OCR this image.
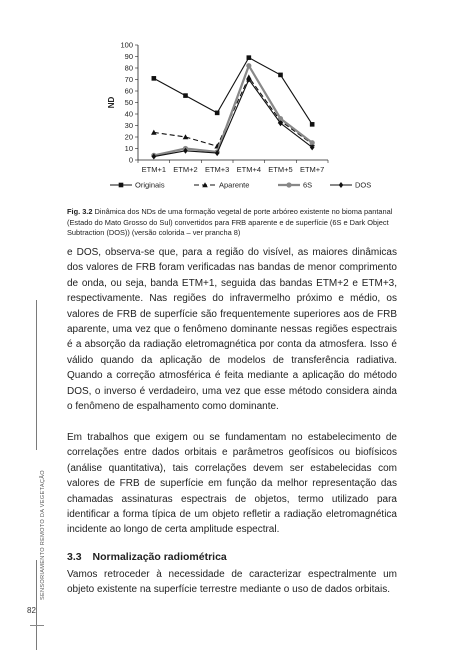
SENSORIAMENTO REMOTO DA VEGETAÇÃO
82
0
10
20
30
40
50
60
70
80
90
100
ND
ETM+1 ETM+2 ETM+3 ETM+4 ETM+5 ETM+7
Originais	Aparente	6S	DOS
Fig. 3.2 Dinâmica dos NDs de uma formação vegetal de porte arbóreo existente no bioma pantanal (Estado do Mato Grosso do Sul) convertidos para FRB aparente e de superfície (6S e Dark Object Subtraction (DOS)) (versão colorida – ver prancha 8)

e DOS, observa-se que, para a região do visível, as maiores dinâmicas dos valores de FRB foram verificadas nas bandas de menor comprimento de onda, ou seja, banda ETM+1, seguida das bandas ETM+2 e ETM+3, respectivamente. Nas regiões do infravermelho próximo e médio, os valores de FRB de superfície são frequentemente superiores aos de FRB aparente, uma vez que o fenômeno dominante nessas regiões espectrais é a absorção da radiação eletromagnética por conta da atmosfera. Isso é válido quando da aplicação de modelos de transferência radiativa. Quando a correção atmosférica é feita mediante a aplicação do método DOS, o inverso é verdadeiro, uma vez que esse método considera ainda o fenômeno de espalhamento como dominante.

Em trabalhos que exigem ou se fundamentam no estabelecimento de correlações entre dados orbitais e parâmetros geofísicos ou biofísicos (análise quantitativa), tais correlações devem ser estabelecidas com valores de FRB de superfície em função da melhor representação das chamadas assinaturas espectrais de objetos, termo utilizado para identificar a forma típica de um objeto refletir a radiação eletromagnética incidente ao longo de certa amplitude espectral.

3.3 Normalização radiométrica

Vamos retroceder à necessidade de caracterizar espectralmente um objeto existente na superfície terrestre mediante o uso de dados orbitais.
